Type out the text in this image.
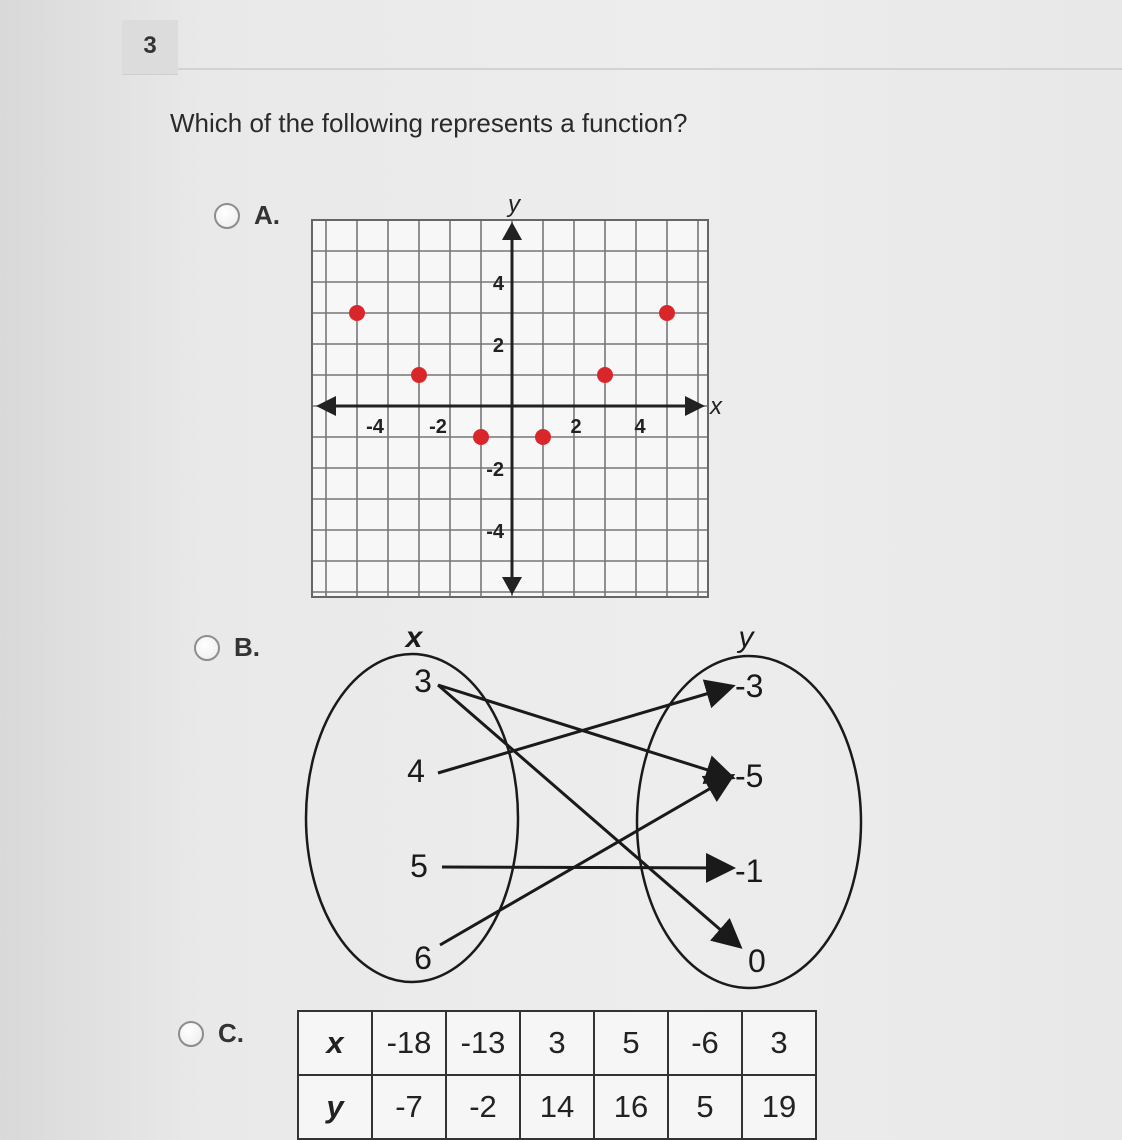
3
Which of the following represents a function?
A.
x
y
-4 -2	2	4
4
2
-2
-4
B.	x	y
3
4
5
6
-3
-5
-1
0
C.	x	-18	-13	3	5	-6	3
y	-7	-2	14	16	5	19
